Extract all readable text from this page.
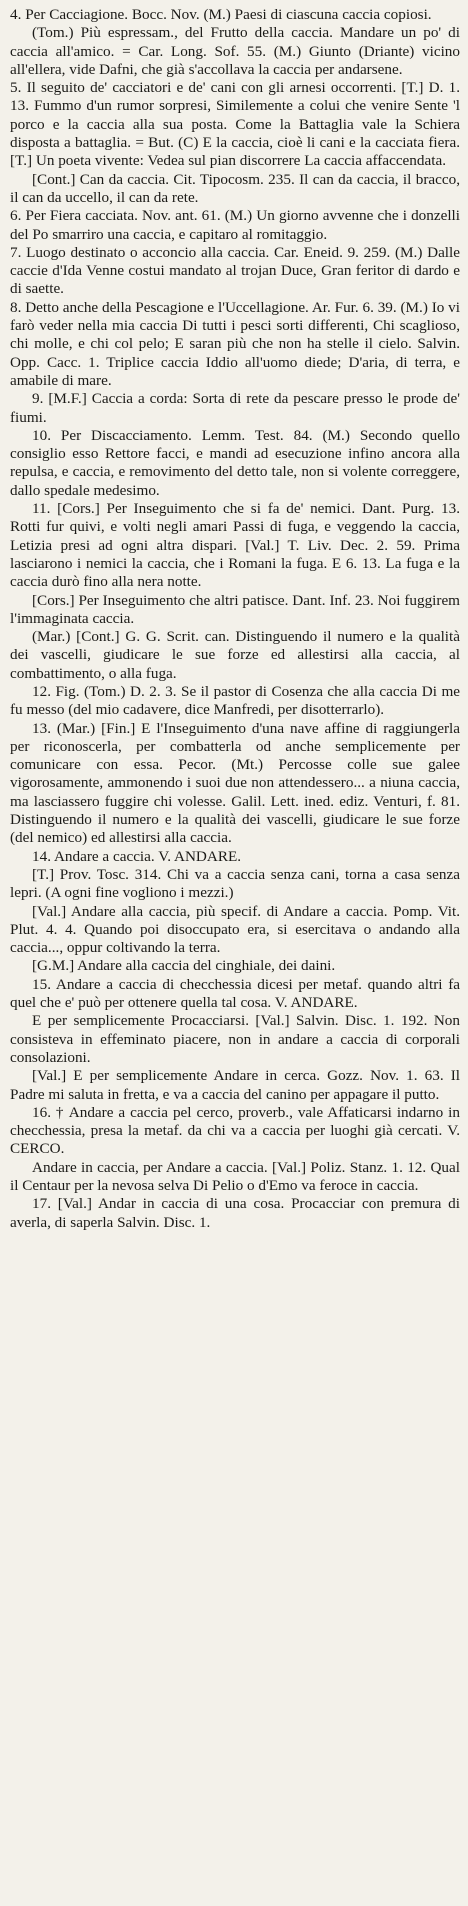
4. Per Cacciagione. Bocc. Nov. (M.) Paesi di ciascuna caccia copiosi.

(Tom.) Più espressam., del Frutto della caccia. Mandare un po' di caccia all'amico. = Car. Long. Sof. 55. (M.) Giunto (Driante) vicino all'ellera, vide Dafni, che già s'accollava la caccia per andarsene.

5. Il seguito de' cacciatori e de' cani con gli arnesi occorrenti. [T.] D. 1. 13. Fummo d'un rumor sorpresi, Similemente a colui che venire Sente 'l porco e la caccia alla sua posta. Come la Battaglia vale la Schiera disposta a battaglia. = But. (C) E la caccia, cioè li cani e la cacciata fiera. [T.] Un poeta vivente: Vedea sul pian discorrere La caccia affaccendata.

[Cont.] Can da caccia. Cit. Tipocosm. 235. Il can da caccia, il bracco, il can da uccello, il can da rete.

6. Per Fiera cacciata. Nov. ant. 61. (M.) Un giorno avvenne che i donzelli del Po smarriro una caccia, e capitaro al romitaggio.

7. Luogo destinato o acconcio alla caccia. Car. Eneid. 9. 259. (M.) Dalle caccie d'Ida Venne costui mandato al trojan Duce, Gran feritor di dardo e di saette.

8. Detto anche della Pescagione e l'Uccellagione. Ar. Fur. 6. 39. (M.) Io vi farò veder nella mia caccia Di tutti i pesci sorti differenti, Chi scaglioso, chi molle, e chi col pelo; E saran più che non ha stelle il cielo. Salvin. Opp. Cacc. 1. Triplice caccia Iddio all'uomo diede; D'aria, di terra, e amabile di mare.

9. [M.F.] Caccia a corda: Sorta di rete da pescare presso le prode de' fiumi.

10. Per Discacciamento. Lemm. Test. 84. (M.) Secondo quello consiglio esso Rettore facci, e mandi ad esecuzione infino ancora alla repulsa, e caccia, e removimento del detto tale, non si volente correggere, dallo spedale medesimo.

11. [Cors.] Per Inseguimento che si fa de' nemici. Dant. Purg. 13. Rotti fur quivi, e volti negli amari Passi di fuga, e veggendo la caccia, Letizia presi ad ogni altra dispari. [Val.] T. Liv. Dec. 2. 59. Prima lasciarono i nemici la caccia, che i Romani la fuga. E 6. 13. La fuga e la caccia durò fino alla nera notte.

[Cors.] Per Inseguimento che altri patisce. Dant. Inf. 23. Noi fuggirem l'immaginata caccia.

(Mar.) [Cont.] G. G. Scrit. can. Distinguendo il numero e la qualità dei vascelli, giudicare le sue forze ed allestirsi alla caccia, al combattimento, o alla fuga.

12. Fig. (Tom.) D. 2. 3. Se il pastor di Cosenza che alla caccia Di me fu messo (del mio cadavere, dice Manfredi, per disotterrarlo).

13. (Mar.) [Fin.] E l'Inseguimento d'una nave affine di raggiungerla per riconoscerla, per combatterla od anche semplicemente per comunicare con essa. Pecor. (Mt.) Percosse colle sue galee vigorosamente, ammonendo i suoi due non attendessero... a niuna caccia, ma lasciassero fuggire chi volesse. Galil. Lett. ined. ediz. Venturi, f. 81. Distinguendo il numero e la qualità dei vascelli, giudicare le sue forze (del nemico) ed allestirsi alla caccia.

14. Andare a caccia. V. ANDARE.

[T.] Prov. Tosc. 314. Chi va a caccia senza cani, torna a casa senza lepri. (A ogni fine vogliono i mezzi.)

[Val.] Andare alla caccia, più specif. di Andare a caccia. Pomp. Vit. Plut. 4. 4. Quando poi disoccupato era, si esercitava o andando alla caccia..., oppur coltivando la terra.

[G.M.] Andare alla caccia del cinghiale, dei daini.

15. Andare a caccia di checchessia dicesi per metaf. quando altri fa quel che e' può per ottenere quella tal cosa. V. ANDARE.

E per semplicemente Procacciarsi. [Val.] Salvin. Disc. 1. 192. Non consisteva in effeminato piacere, non in andare a caccia di corporali consolazioni.

[Val.] E per semplicemente Andare in cerca. Gozz. Nov. 1. 63. Il Padre mi saluta in fretta, e va a caccia del canino per appagare il putto.

16. † Andare a caccia pel cerco, proverb., vale Affaticarsi indarno in checchessia, presa la metaf. da chi va a caccia per luoghi già cercati. V. CERCO.

Andare in caccia, per Andare a caccia. [Val.] Poliz. Stanz. 1. 12. Qual il Centaur per la nevosa selva Di Pelio o d'Emo va feroce in caccia.

17. [Val.] Andar in caccia di una cosa. Procacciar con premura di averla, di saperla Salvin. Disc. 1.
